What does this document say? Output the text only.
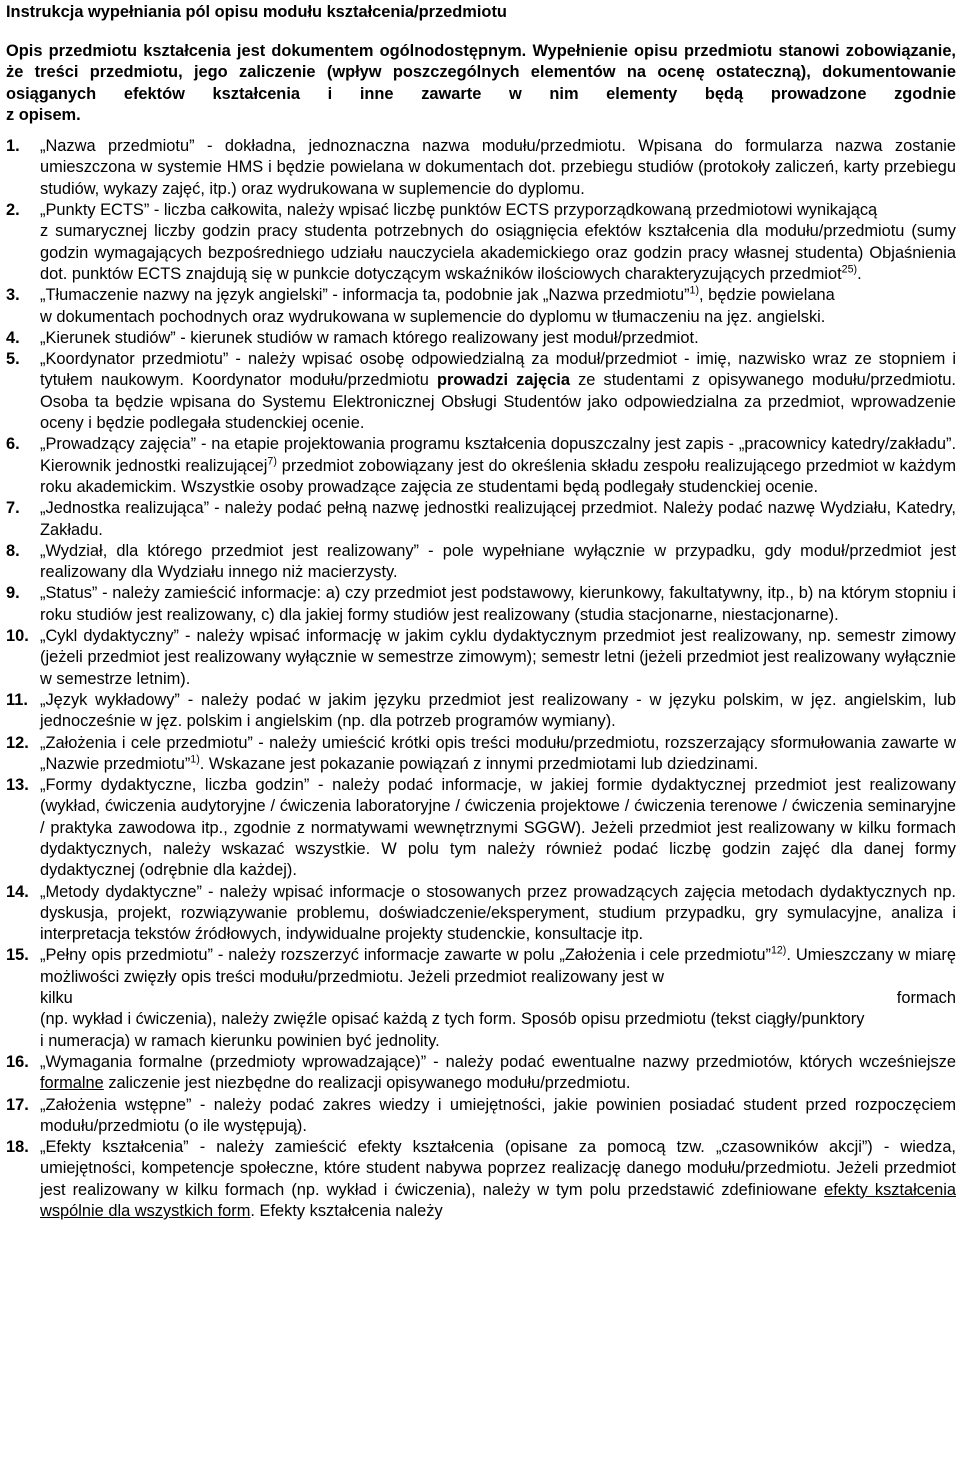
Instrukcja wypełniania pól opisu modułu kształcenia/przedmiotu

Opis przedmiotu kształcenia jest dokumentem ogólnodostępnym. Wypełnienie opisu przedmiotu stanowi zobowiązanie, że treści przedmiotu, jego zaliczenie (wpływ poszczególnych elementów na ocenę ostateczną), dokumentowanie osiąganych efektów kształcenia i inne zawarte w nim elementy będą prowadzone zgodnie
z opisem.
1. „Nazwa przedmiotu” - dokładna, jednoznaczna nazwa modułu/przedmiotu. Wpisana do formularza nazwa zostanie umieszczona w systemie HMS i będzie powielana w dokumentach dot. przebiegu studiów (protokoły zaliczeń, karty przebiegu studiów, wykazy zajęć, itp.) oraz wydrukowana w suplemencie do dyplomu.
2. „Punkty ECTS” - liczba całkowita, należy wpisać liczbę punktów ECTS przyporządkowaną przedmiotowi wynikającą
z sumarycznej liczby godzin pracy studenta potrzebnych do osiągnięcia efektów kształcenia dla modułu/przedmiotu (sumy godzin wymagających bezpośredniego udziału nauczyciela akademickiego oraz godzin pracy własnej studenta) Objaśnienia dot. punktów ECTS znajdują się w punkcie dotyczącym wskaźników ilościowych charakteryzujących przedmiot$^{25)}$.
3. „Tłumaczenie nazwy na język angielski” - informacja ta, podobnie jak „Nazwa przedmiotu”$^{1)}$, będzie powielana
w dokumentach pochodnych oraz wydrukowana w suplemencie do dyplomu w tłumaczeniu na jęz. angielski.
4. „Kierunek studiów” - kierunek studiów w ramach którego realizowany jest moduł/przedmiot.
5. „Koordynator przedmiotu” - należy wpisać osobę odpowiedzialną za moduł/przedmiot - imię, nazwisko wraz ze stopniem i tytułem naukowym. Koordynator modułu/przedmiotu prowadzi zajęcia ze studentami z opisywanego modułu/przedmiotu. Osoba ta będzie wpisana do Systemu Elektronicznej Obsługi Studentów jako odpowiedzialna za przedmiot, wprowadzenie oceny i będzie podlegała studenckiej ocenie.
6. „Prowadzący zajęcia” - na etapie projektowania programu kształcenia dopuszczalny jest zapis - „pracownicy katedry/zakładu”. Kierownik jednostki realizującej$^{7)}$ przedmiot zobowiązany jest do określenia składu zespołu realizującego przedmiot w każdym roku akademickim. Wszystkie osoby prowadzące zajęcia ze studentami będą podlegały studenckiej ocenie.
7. „Jednostka realizująca” - należy podać pełną nazwę jednostki realizującej przedmiot. Należy podać nazwę Wydziału, Katedry, Zakładu.
8. „Wydział, dla którego przedmiot jest realizowany” - pole wypełniane wyłącznie w przypadku, gdy moduł/przedmiot jest realizowany dla Wydziału innego niż macierzysty.
9. „Status” - należy zamieścić informacje: a) czy przedmiot jest podstawowy, kierunkowy, fakultatywny, itp., b) na którym stopniu i roku studiów jest realizowany, c) dla jakiej formy studiów jest realizowany (studia stacjonarne, niestacjonarne).
10. „Cykl dydaktyczny” - należy wpisać informację w jakim cyklu dydaktycznym przedmiot jest realizowany, np. semestr zimowy (jeżeli przedmiot jest realizowany wyłącznie w semestrze zimowym); semestr letni (jeżeli przedmiot jest realizowany wyłącznie w semestrze letnim).
11. „Język wykładowy” - należy podać w jakim języku przedmiot jest realizowany - w języku polskim, w jęz. angielskim, lub jednocześnie w jęz. polskim i angielskim (np. dla potrzeb programów wymiany).
12. „Założenia i cele przedmiotu” - należy umieścić krótki opis treści modułu/przedmiotu, rozszerzający sformułowania zawarte w „Nazwie przedmiotu”$^{1)}$. Wskazane jest pokazanie powiązań z innymi przedmiotami lub dziedzinami.
13. „Formy dydaktyczne, liczba godzin” - należy podać informacje, w jakiej formie dydaktycznej przedmiot jest realizowany (wykład, ćwiczenia audytoryjne / ćwiczenia laboratoryjne / ćwiczenia projektowe / ćwiczenia terenowe / ćwiczenia seminaryjne / praktyka zawodowa itp., zgodnie z normatywami wewnętrznymi SGGW). Jeżeli przedmiot jest realizowany w kilku formach dydaktycznych, należy wskazać wszystkie. W polu tym należy również podać liczbę godzin zajęć dla danej formy dydaktycznej (odrębnie dla każdej).
14. „Metody dydaktyczne” - należy wpisać informacje o stosowanych przez prowadzących zajęcia metodach dydaktycznych np. dyskusja, projekt, rozwiązywanie problemu, doświadczenie/eksperyment, studium przypadku, gry symulacyjne, analiza i interpretacja tekstów źródłowych, indywidualne projekty studenckie, konsultacje itp.
15. „Pełny opis przedmiotu” - należy rozszerzyć informacje zawarte w polu „Założenia i cele przedmiotu”$^{12)}$. Umieszczany w miarę możliwości zwięzły opis treści modułu/przedmiotu. Jeżeli przedmiot realizowany jest w
kilku	formach
(np. wykład i ćwiczenia), należy zwięźle opisać każdą z tych form. Sposób opisu przedmiotu (tekst ciągły/punktory
i numeracja) w ramach kierunku powinien być jednolity.
16. „Wymagania formalne (przedmioty wprowadzające)” - należy podać ewentualne nazwy przedmiotów, których wcześniejsze formalne zaliczenie jest niezbędne do realizacji opisywanego modułu/przedmiotu.
17. „Założenia wstępne” - należy podać zakres wiedzy i umiejętności, jakie powinien posiadać student przed rozpoczęciem modułu/przedmiotu (o ile występują).
18. „Efekty kształcenia” - należy zamieścić efekty kształcenia (opisane za pomocą tzw. „czasowników akcji”) - wiedza, umiejętności, kompetencje społeczne, które student nabywa poprzez realizację danego modułu/przedmiotu. Jeżeli przedmiot jest realizowany w kilku formach (np. wykład i ćwiczenia), należy w tym polu przedstawić zdefiniowane efekty kształcenia wspólnie dla wszystkich form. Efekty kształcenia należy
